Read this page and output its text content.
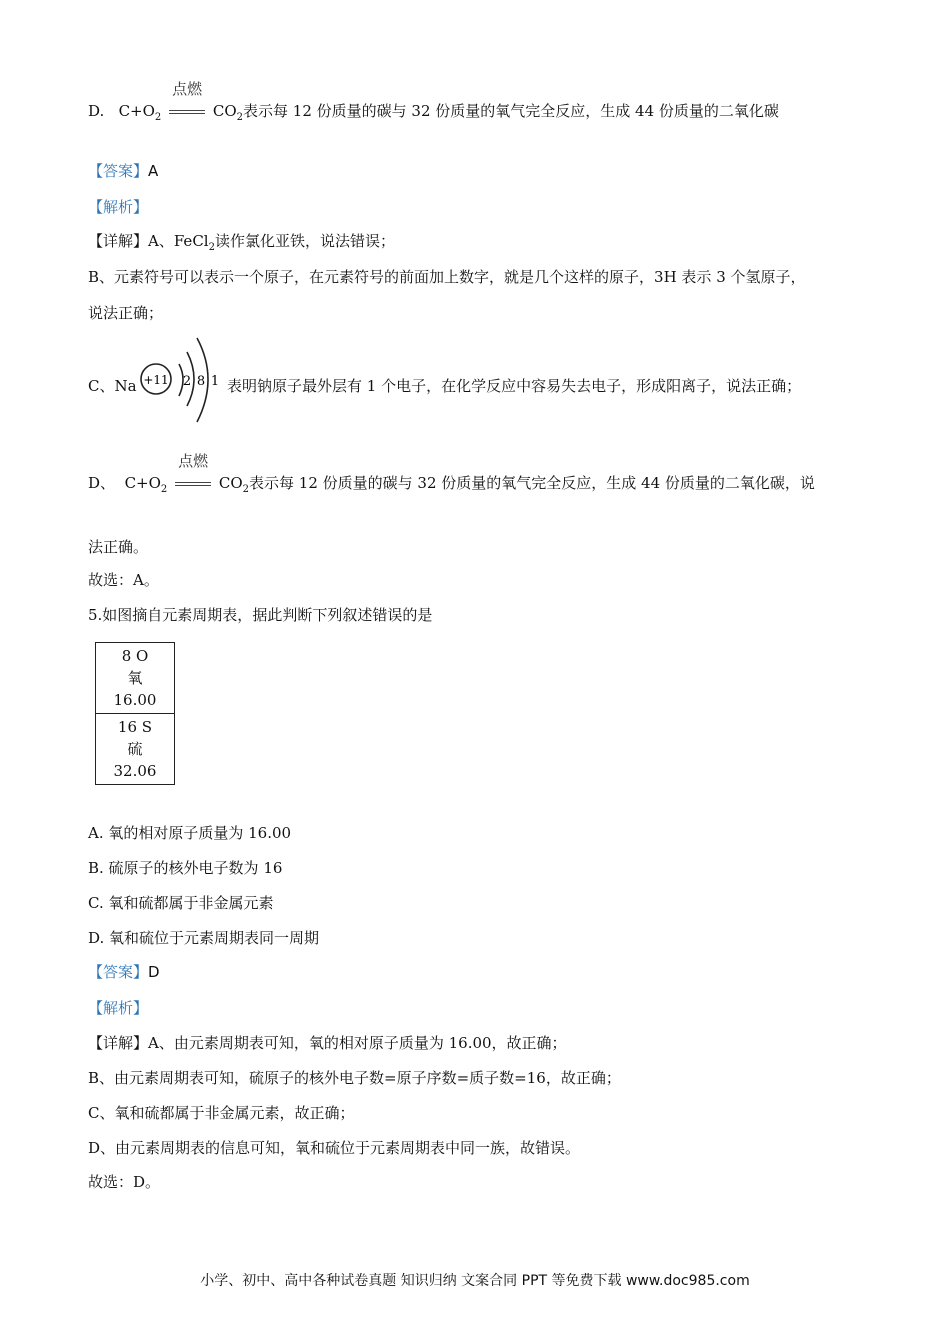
D. $C+O_2$
点燃
$CO_2$表示每 12 份质量的碳与 32 份质量的氧气完全反应，生成 44 份质量的二氧化碳
【答案】A
【解析】
【详解】A、FeCl$_2$读作氯化亚铁，说法错误；
B、元素符号可以表示一个原子，在元素符号的前面加上数字，就是几个这样的原子，3H 表示 3 个氢原子，
说法正确；
C、Na +11 2 8 1 表明钠原子最外层有 1 个电子，在化学反应中容易失去电子，形成阳离子，说法正确；
D、 $C+O_2$
点燃
$CO_2$表示每 12 份质量的碳与 32 份质量的氧气完全反应，生成 44 份质量的二氧化碳，说
法正确。
故选：A。
5.如图摘自元素周期表，据此判断下列叙述错误的是
8 O
氧
16.00
16 S
硫
32.06
A. 氧的相对原子质量为 16.00
B. 硫原子的核外电子数为 16
C. 氧和硫都属于非金属元素
D. 氧和硫位于元素周期表同一周期
【答案】D
【解析】
【详解】A、由元素周期表可知，氧的相对原子质量为 16.00，故正确；
B、由元素周期表可知，硫原子的核外电子数=原子序数=质子数=16，故正确；
C、氧和硫都属于非金属元素，故正确；
D、由元素周期表的信息可知，氧和硫位于元素周期表中同一族，故错误。
故选：D。
小学、初中、高中各种试卷真题 知识归纳 文案合同 PPT 等免费下载 www.doc985.com
